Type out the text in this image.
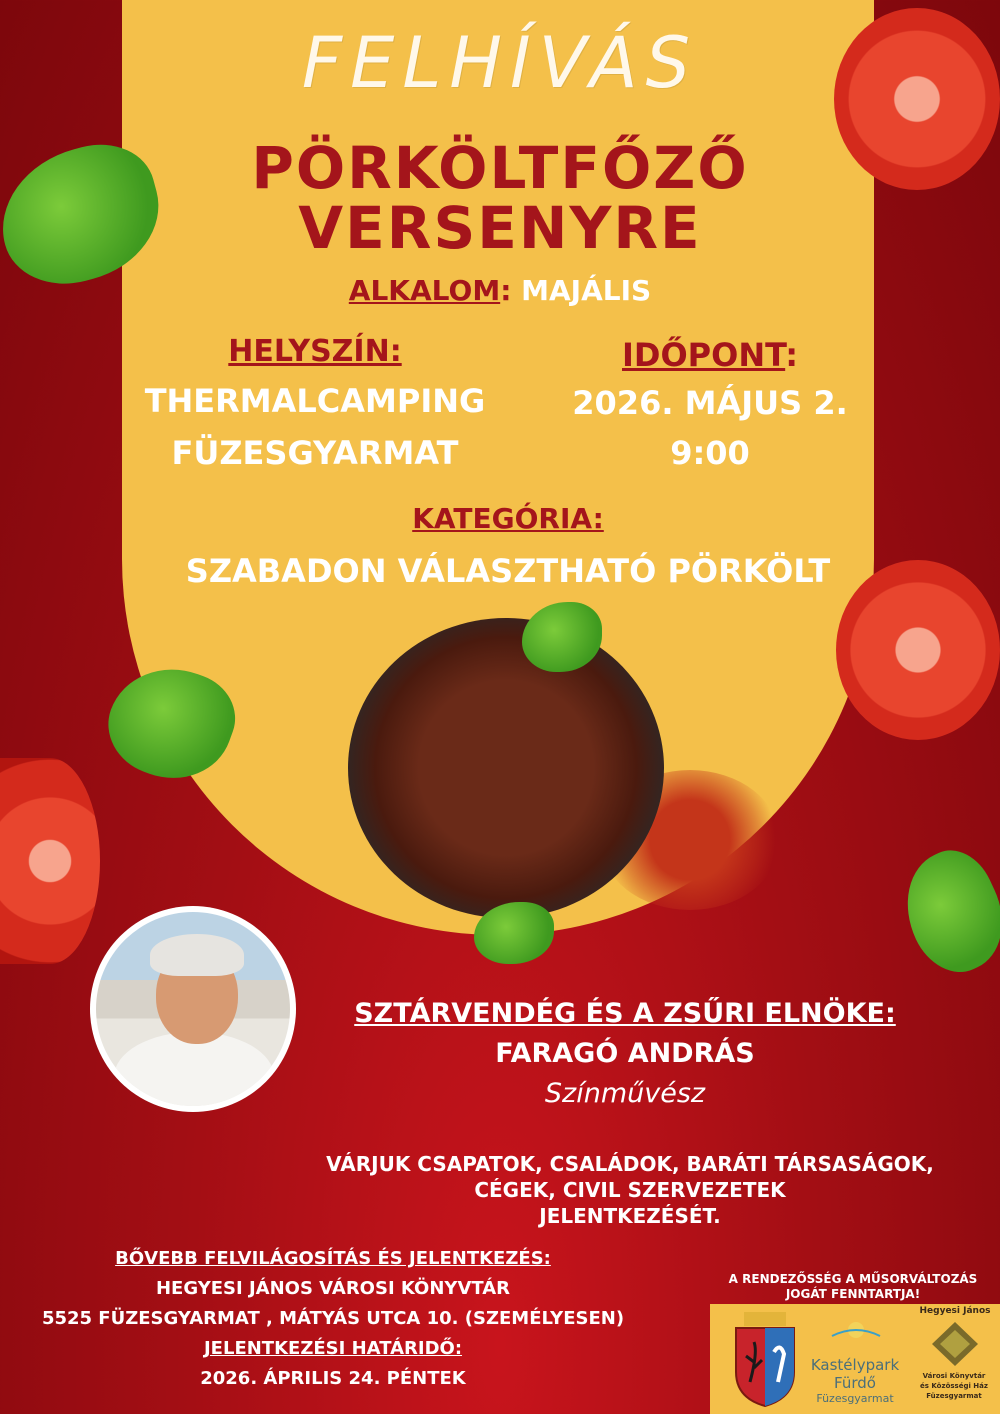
FELHÍVÁS
PÖRKÖLTFŐZŐ
VERSENYRE
ALKALOM: MAJÁLIS
HELYSZÍN:
THERMALCAMPING
FÜZESGYARMAT
IDŐPONT:
2026. MÁJUS 2.
9:00
KATEGÓRIA:
SZABADON VÁLASZTHATÓ PÖRKÖLT
SZTÁRVENDÉG ÉS A ZSŰRI ELNÖKE:
FARAGÓ ANDRÁS
Színművész
VÁRJUK CSAPATOK, CSALÁDOK, BARÁTI TÁRSASÁGOK,
CÉGEK, CIVIL SZERVEZETEK
JELENTKEZÉSÉT.
BŐVEBB FELVILÁGOSÍTÁS ÉS JELENTKEZÉS:
HEGYESI JÁNOS VÁROSI KÖNYVTÁR
5525 FÜZESGYARMAT , MÁTYÁS UTCA 10. (SZEMÉLYESEN)
JELENTKEZÉSI HATÁRIDŐ:
2026. ÁPRILIS 24. PÉNTEK
A RENDEZŐSSÉG A MŰSORVÁLTOZÁS
JOGÁT FENNTARTJA!
Kastélypark
Fürdő
Füzesgyarmat
Hegyesi János
Városi Könyvtár
és Közösségi Ház
Füzesgyarmat
